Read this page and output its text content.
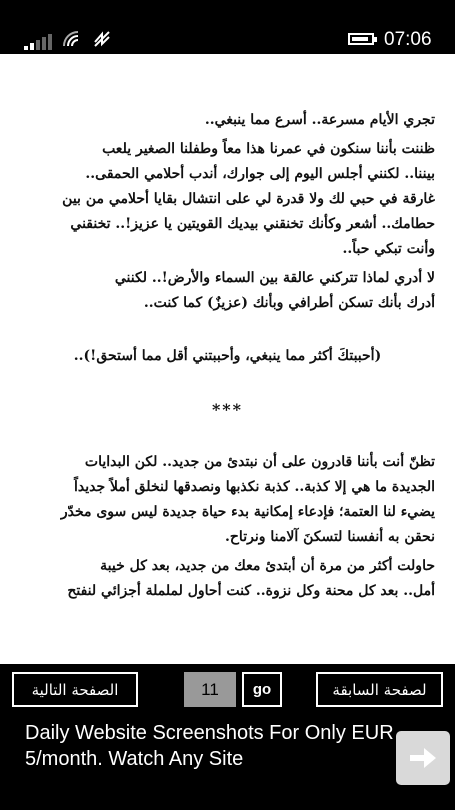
07:06

تجري الأيام مسرعة.. أسرع مما ينبغي..

ظننت بأننا سنكون في عمرنا هذا معاً وطفلنا الصغير يلعب

بيننا.. لكنني أجلس اليوم إلى جوارك، أندب أحلامي الحمقى..

غارقة في حبي لك ولا قدرة لي على انتشال بقايا أحلامي من بين

حطامك.. أشعر وكأنك تخنقني بيديك القويتين يا عزيز!.. تخنقني

وأنت تبكي حباً..

لا أدري لماذا تتركني عالقة بين السماء والأرض!.. لكنني

أدرك بأنك تسكن أطرافي وبأنك (عزيزٌ) كما كنت..

(أحببتكَ أكثر مما ينبغي، وأحببتني أقل مما أستحق!)..

***

تظنّ أنت بأننا قادرون على أن نبتدئ من جديد.. لكن البدايات

الجديدة ما هي إلا كذبة.. كذبة نكذبها ونصدقها لنخلق أملاً جديداً

يضيء لنا العتمة؛ فإدعاء إمكانية بدء حياة جديدة ليس سوى مخدّر

نحقن به أنفسنا لتسكنَ آلامنا ونرتاح.

حاولت أكثر من مرة أن أبتدئ معك من جديد، بعد كل خيبة

أمل.. بعد كل محنة وكل نزوة.. كنت أحاول لململة أجزائي لنفتح

الصفحة التالية	11	go	لصفحة السابقة
Daily Website Screenshots For Only EUR 5/month. Watch Any Site
